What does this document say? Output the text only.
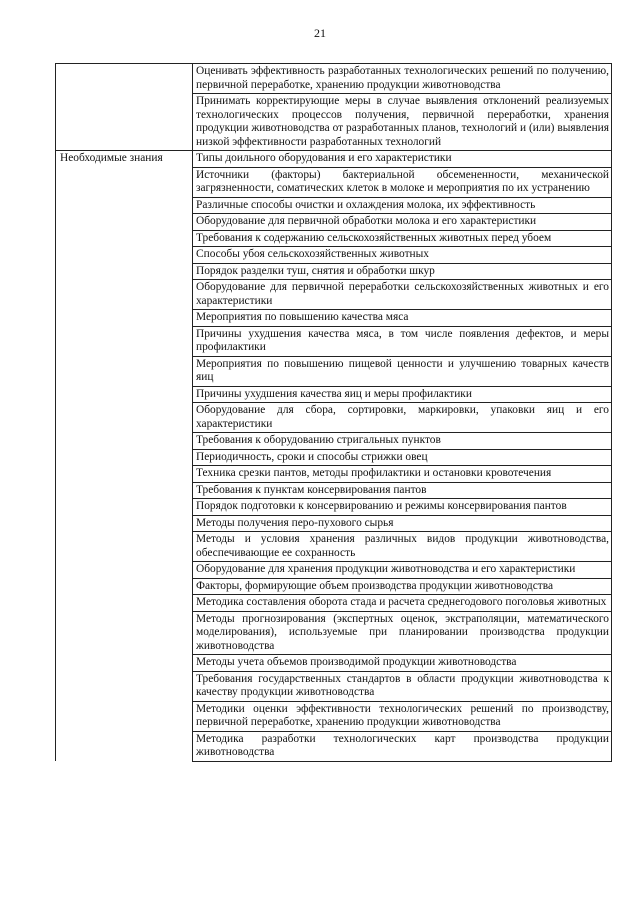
21
	Оценивать эффективность разработанных технологических решений по получению, первичной переработке, хранению продукции животноводства
	Принимать корректирующие меры в случае выявления отклонений реализуемых технологических процессов получения, первичной переработки, хранения продукции животноводства от разработанных планов, технологий и (или) выявления низкой эффективности разработанных технологий
Необходимые знания	Типы доильного оборудования и его характеристики
	Источники (факторы) бактериальной обсемененности, механической загрязненности, соматических клеток в молоке и мероприятия по их устранению
	Различные способы очистки и охлаждения молока, их эффективность
	Оборудование для первичной обработки молока и его характеристики
	Требования к содержанию сельскохозяйственных животных перед убоем
	Способы убоя сельскохозяйственных животных
	Порядок разделки туш, снятия и обработки шкур
	Оборудование для первичной переработки сельскохозяйственных животных и его характеристики
	Мероприятия по повышению качества мяса
	Причины ухудшения качества мяса, в том числе появления дефектов, и меры профилактики
	Мероприятия по повышению пищевой ценности и улучшению товарных качеств яиц
	Причины ухудшения качества яиц и меры профилактики
	Оборудование для сбора, сортировки, маркировки, упаковки яиц и его характеристики
	Требования к оборудованию стригальных пунктов
	Периодичность, сроки и способы стрижки овец
	Техника срезки пантов, методы профилактики и остановки кровотечения
	Требования к пунктам консервирования пантов
	Порядок подготовки к консервированию и режимы консервирования пантов
	Методы получения перо-пухового сырья
	Методы и условия хранения различных видов продукции животноводства, обеспечивающие ее сохранность
	Оборудование для хранения продукции животноводства и его характеристики
	Факторы, формирующие объем производства продукции животноводства
	Методика составления оборота стада и расчета среднегодового поголовья животных
	Методы прогнозирования (экспертных оценок, экстраполяции, математического моделирования), используемые при планировании производства продукции животноводства
	Методы учета объемов производимой продукции животноводства
	Требования государственных стандартов в области продукции животноводства к качеству продукции животноводства
	Методики оценки эффективности технологических решений по производству, первичной переработке, хранению продукции животноводства
	Методика разработки технологических карт производства продукции животноводства
